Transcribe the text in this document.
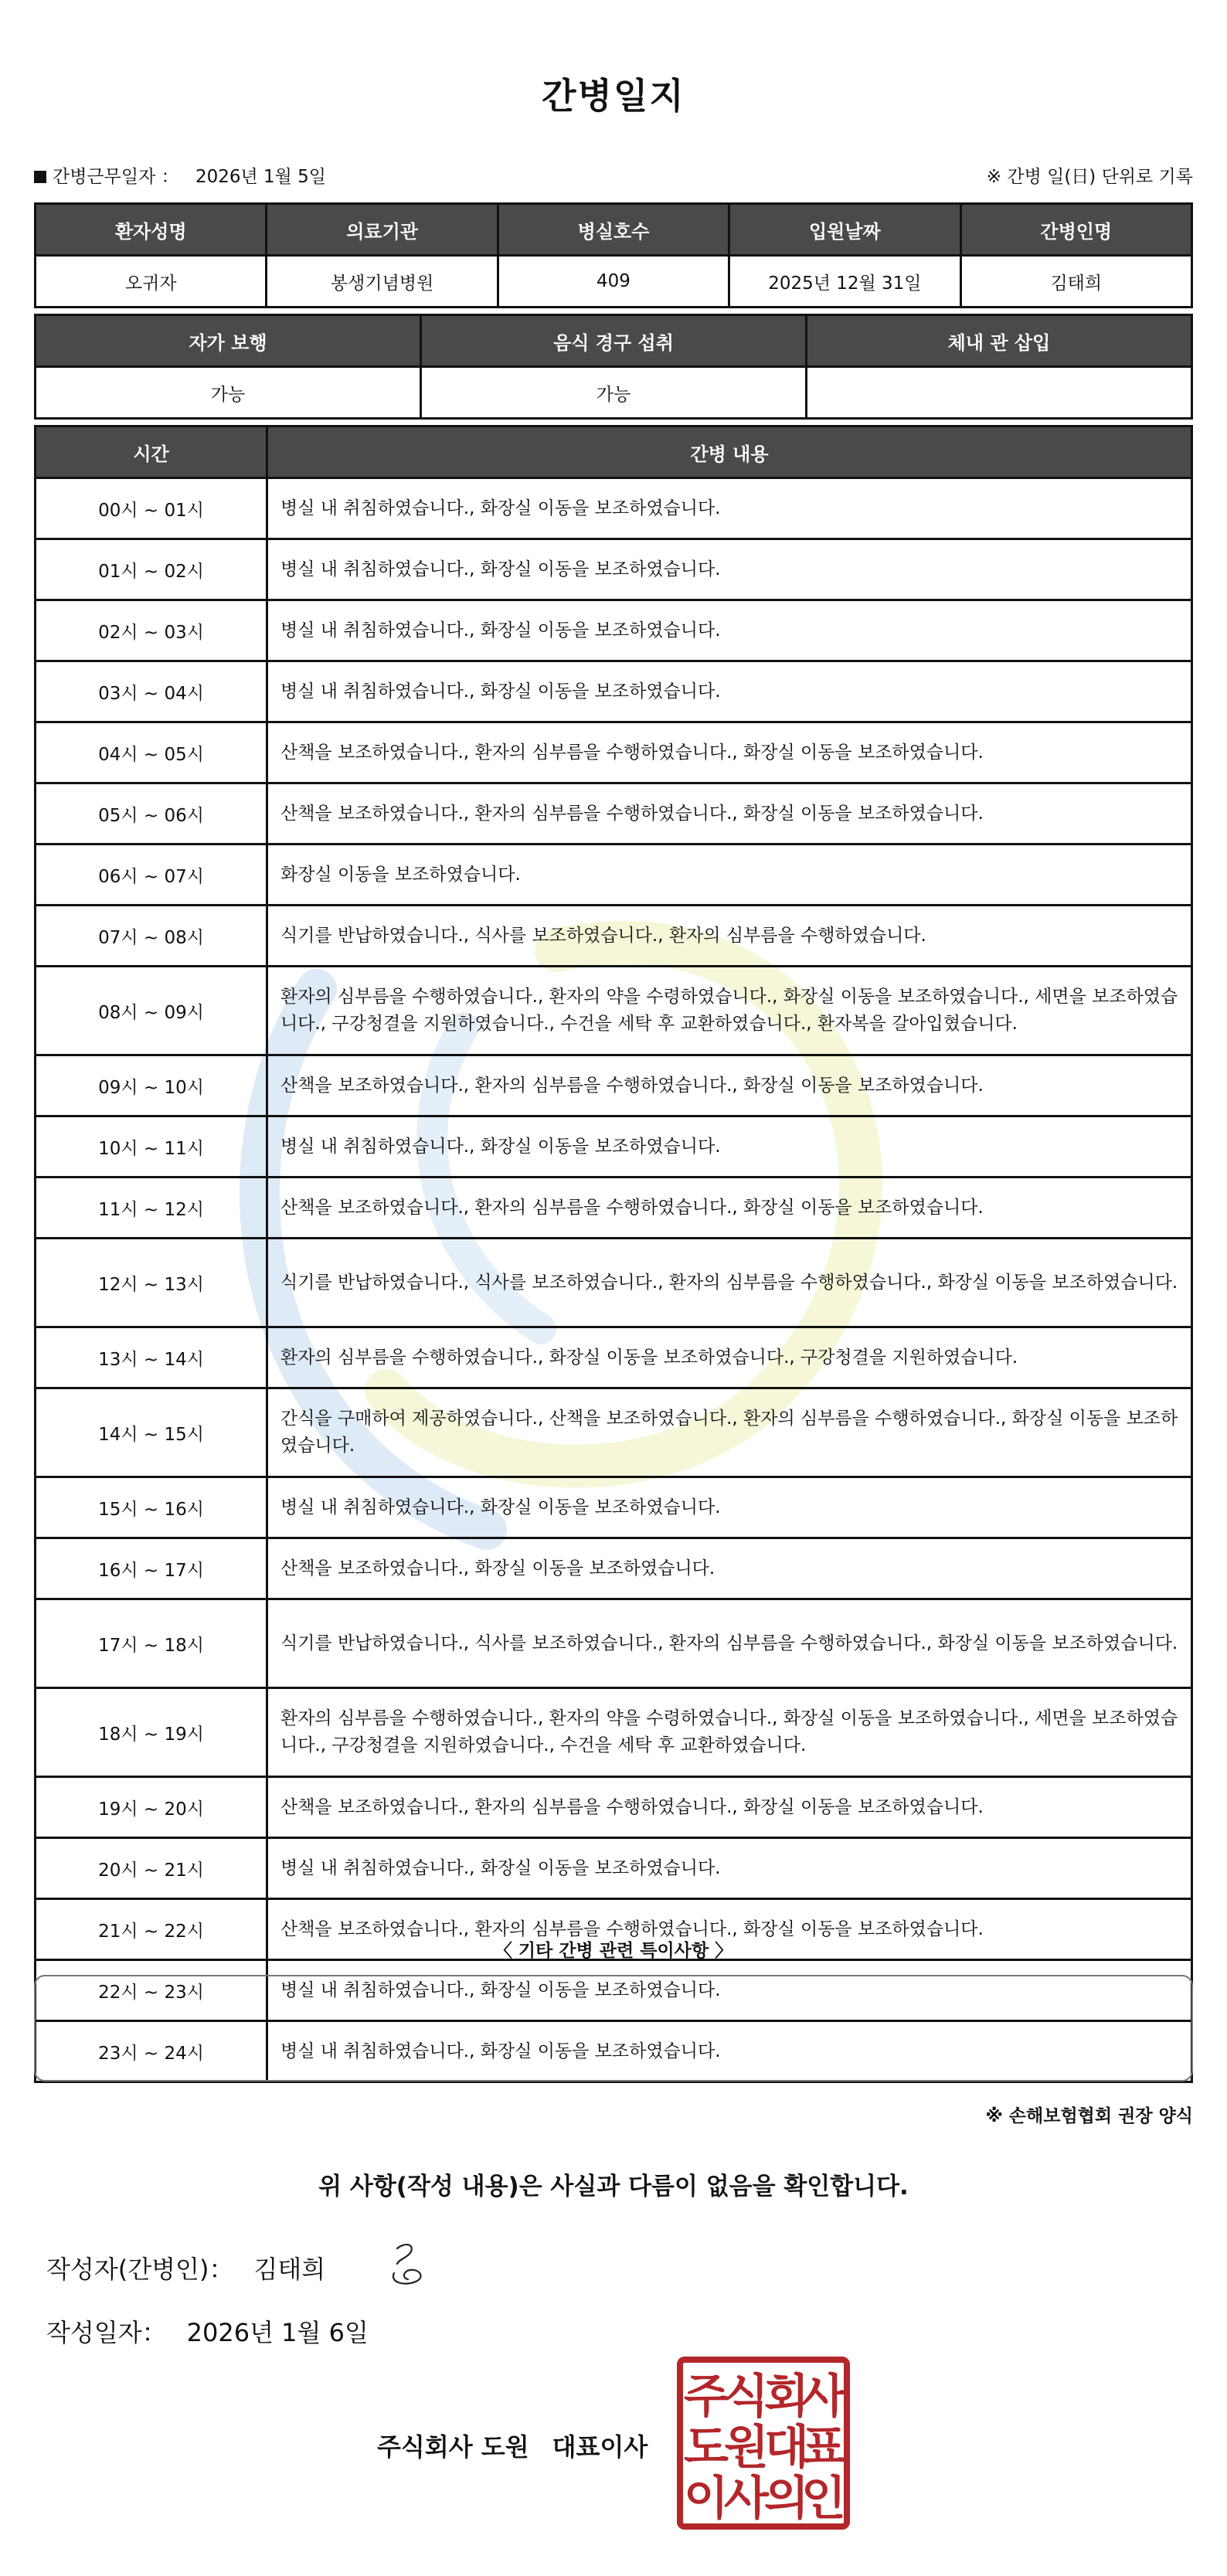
간병일지
간병근무일자 ： 2026년 1월 5일	※ 간병 일(日) 단위로 기록
환자성명	의료기관	병실호수	입원날짜	간병인명
오귀자	봉생기념병원	409	2025년 12월 31일	김태희
자가 보행	음식 경구 섭취	체내 관 삽입
가능	가능	
시간	간병 내용
00시 ~ 01시	병실 내 취침하였습니다., 화장실 이동을 보조하였습니다.
01시 ~ 02시	병실 내 취침하였습니다., 화장실 이동을 보조하였습니다.
02시 ~ 03시	병실 내 취침하였습니다., 화장실 이동을 보조하였습니다.
03시 ~ 04시	병실 내 취침하였습니다., 화장실 이동을 보조하였습니다.
04시 ~ 05시	산책을 보조하였습니다., 환자의 심부름을 수행하였습니다., 화장실 이동을 보조하였습니다.
05시 ~ 06시	산책을 보조하였습니다., 환자의 심부름을 수행하였습니다., 화장실 이동을 보조하였습니다.
06시 ~ 07시	화장실 이동을 보조하였습니다.
07시 ~ 08시	식기를 반납하였습니다., 식사를 보조하였습니다., 환자의 심부름을 수행하였습니다.
08시 ~ 09시	환자의 심부름을 수행하였습니다., 환자의 약을 수령하였습니다., 화장실 이동을 보조하였습니다., 세면을 보조하였습니다., 구강청결을 지원하였습니다., 수건을 세탁 후 교환하였습니다., 환자복을 갈아입혔습니다.
09시 ~ 10시	산책을 보조하였습니다., 환자의 심부름을 수행하였습니다., 화장실 이동을 보조하였습니다.
10시 ~ 11시	병실 내 취침하였습니다., 화장실 이동을 보조하였습니다.
11시 ~ 12시	산책을 보조하였습니다., 환자의 심부름을 수행하였습니다., 화장실 이동을 보조하였습니다.
12시 ~ 13시	식기를 반납하였습니다., 식사를 보조하였습니다., 환자의 심부름을 수행하였습니다., 화장실 이동을 보조하였습니다.
13시 ~ 14시	환자의 심부름을 수행하였습니다., 화장실 이동을 보조하였습니다., 구강청결을 지원하였습니다.
14시 ~ 15시	간식을 구매하여 제공하였습니다., 산책을 보조하였습니다., 환자의 심부름을 수행하였습니다., 화장실 이동을 보조하였습니다.
15시 ~ 16시	병실 내 취침하였습니다., 화장실 이동을 보조하였습니다.
16시 ~ 17시	산책을 보조하였습니다., 화장실 이동을 보조하였습니다.
17시 ~ 18시	식기를 반납하였습니다., 식사를 보조하였습니다., 환자의 심부름을 수행하였습니다., 화장실 이동을 보조하였습니다.
18시 ~ 19시	환자의 심부름을 수행하였습니다., 환자의 약을 수령하였습니다., 화장실 이동을 보조하였습니다., 세면을 보조하였습니다., 구강청결을 지원하였습니다., 수건을 세탁 후 교환하였습니다.
19시 ~ 20시	산책을 보조하였습니다., 환자의 심부름을 수행하였습니다., 화장실 이동을 보조하였습니다.
20시 ~ 21시	병실 내 취침하였습니다., 화장실 이동을 보조하였습니다.
21시 ~ 22시	산책을 보조하였습니다., 환자의 심부름을 수행하였습니다., 화장실 이동을 보조하였습니다.
22시 ~ 23시	병실 내 취침하였습니다., 화장실 이동을 보조하였습니다.
23시 ~ 24시	병실 내 취침하였습니다., 화장실 이동을 보조하였습니다.
〈 기타 간병 관련 특이사항 〉
※ 손해보험협회 권장 양식
위 사항(작성 내용)은 사실과 다름이 없음을 확인합니다.
작성자(간병인)： 김태희
작성일자： 2026년 1월 6일
주식회사 도원 대표이사
주
식
회
사
도
원
대
표
이
사
의
인
